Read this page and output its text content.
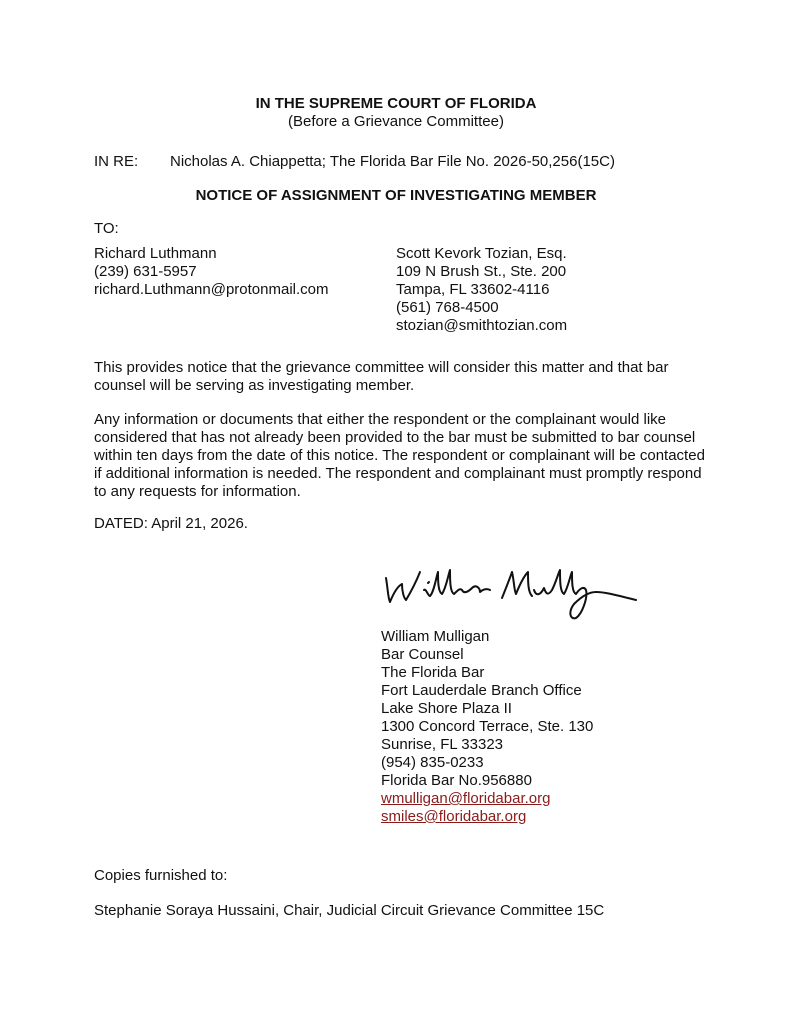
IN THE SUPREME COURT OF FLORIDA
(Before a Grievance Committee)
IN RE: Nicholas A. Chiappetta; The Florida Bar File No. 2026-50,256(15C)
NOTICE OF ASSIGNMENT OF INVESTIGATING MEMBER
TO:
Richard Luthmann
(239) 631-5957
richard.Luthmann@protonmail.com
Scott Kevork Tozian, Esq.
109 N Brush St., Ste. 200
Tampa, FL 33602-4116
(561) 768-4500
stozian@smithtozian.com
This provides notice that the grievance committee will consider this matter and that bar counsel will be serving as investigating member.
Any information or documents that either the respondent or the complainant would like considered that has not already been provided to the bar must be submitted to bar counsel within ten days from the date of this notice. The respondent or complainant will be contacted if additional information is needed. The respondent and complainant must promptly respond to any requests for information.
DATED: April 21, 2026.
William Mulligan
Bar Counsel
The Florida Bar
Fort Lauderdale Branch Office
Lake Shore Plaza II
1300 Concord Terrace, Ste. 130
Sunrise, FL 33323
(954) 835-0233
Florida Bar No.956880
wmulligan@floridabar.org
smiles@floridabar.org
Copies furnished to:
Stephanie Soraya Hussaini, Chair, Judicial Circuit Grievance Committee 15C
